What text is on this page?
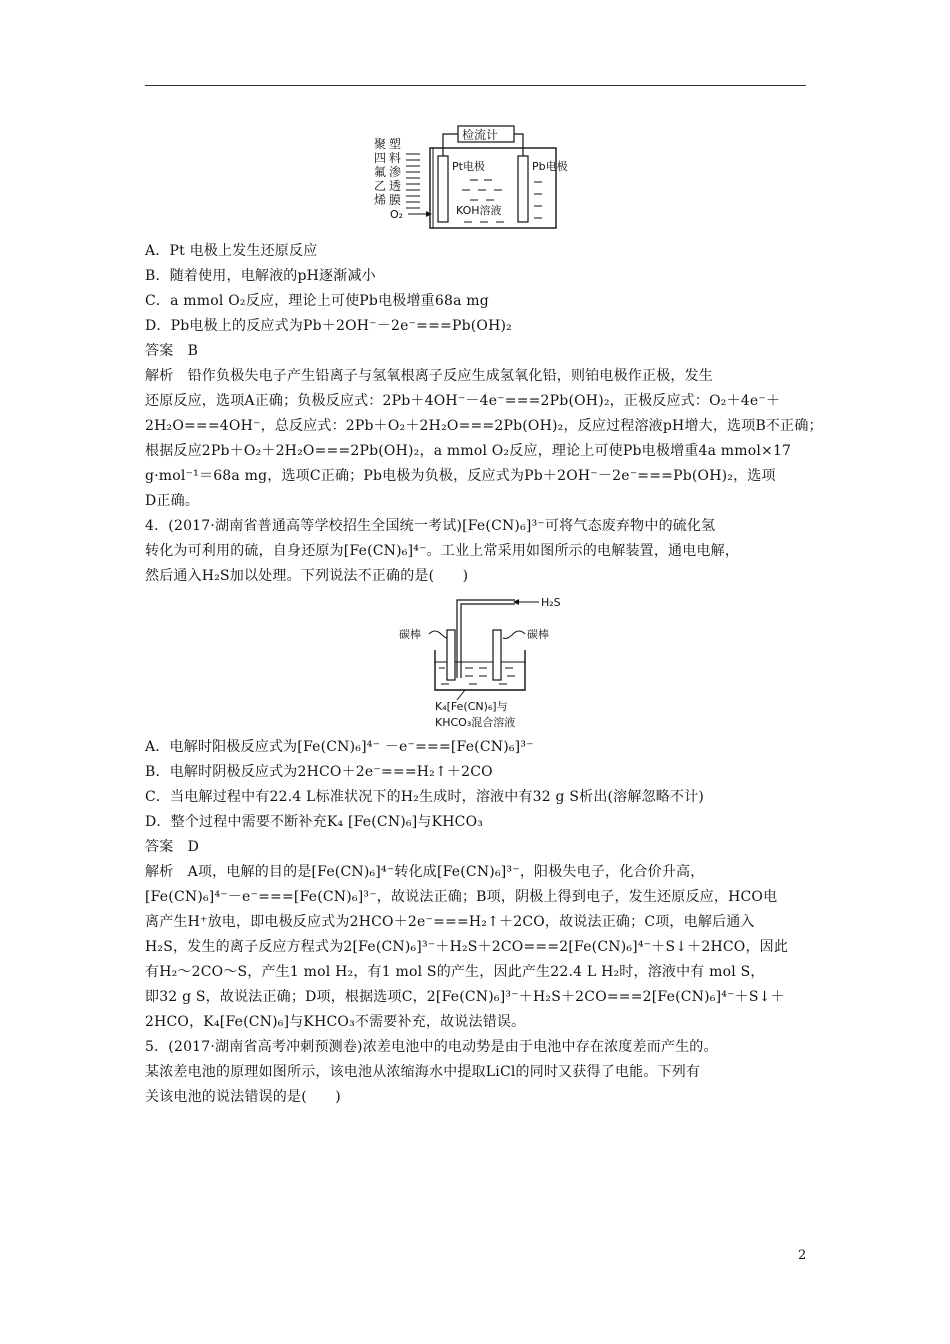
聚
四
氟
乙
烯
塑
料
渗
透
膜
O₂
检流计
Pt电极	Pb电极
KOH溶液
A．Pt 电极上发生还原反应
B．随着使用，电解液的pH逐渐减小
C．a mmol O₂反应，理论上可使Pb电极增重68a mg
D．Pb电极上的反应式为Pb＋2OH⁻－2e⁻===Pb(OH)₂
答案　B
解析　铅作负极失电子产生铅离子与氢氧根离子反应生成氢氧化铅，则铂电极作正极，发生
还原反应，选项A正确；负极反应式：2Pb＋4OH⁻－4e⁻===2Pb(OH)₂，正极反应式：O₂＋4e⁻＋
2H₂O===4OH⁻，总反应式：2Pb＋O₂＋2H₂O===2Pb(OH)₂，反应过程溶液pH增大，选项B不正确；
根据反应2Pb＋O₂＋2H₂O===2Pb(OH)₂，a mmol O₂反应，理论上可使Pb电极增重4a mmol×17
g·mol⁻¹＝68a mg，选项C正确；Pb电极为负极，反应式为Pb＋2OH⁻－2e⁻===Pb(OH)₂，选项
D正确。
4．(2017·湖南省普通高等学校招生全国统一考试)[Fe(CN)₆]³⁻可将气态废弃物中的硫化氢
转化为可利用的硫，自身还原为[Fe(CN)₆]⁴⁻。工业上常采用如图所示的电解装置，通电电解，
然后通入H₂S加以处理。下列说法不正确的是(　　)
H₂S
碳棒	碳棒
K₄[Fe(CN)₆]与
KHCO₃混合溶液
A．电解时阳极反应式为[Fe(CN)₆]⁴⁻ －e⁻===[Fe(CN)₆]³⁻
B．电解时阴极反应式为2HCO＋2e⁻===H₂↑＋2CO
C．当电解过程中有22.4 L标准状况下的H₂生成时，溶液中有32 g S析出(溶解忽略不计)
D．整个过程中需要不断补充K₄ [Fe(CN)₆]与KHCO₃
答案　D
解析　A项，电解的目的是[Fe(CN)₆]⁴⁻转化成[Fe(CN)₆]³⁻，阳极失电子，化合价升高，
[Fe(CN)₆]⁴⁻－e⁻===[Fe(CN)₆]³⁻，故说法正确；B项，阴极上得到电子，发生还原反应，HCO电
离产生H⁺放电，即电极反应式为2HCO＋2e⁻===H₂↑＋2CO，故说法正确；C项，电解后通入
H₂S，发生的离子反应方程式为2[Fe(CN)₆]³⁻＋H₂S＋2CO===2[Fe(CN)₆]⁴⁻＋S↓＋2HCO，因此
有H₂～2CO～S，产生1 mol H₂，有1 mol S的产生，因此产生22.4 L H₂时，溶液中有 mol S，
即32 g S，故说法正确；D项，根据选项C，2[Fe(CN)₆]³⁻＋H₂S＋2CO===2[Fe(CN)₆]⁴⁻＋S↓＋
2HCO，K₄[Fe(CN)₆]与KHCO₃不需要补充，故说法错误。
5．(2017·湖南省高考冲刺预测卷)浓差电池中的电动势是由于电池中存在浓度差而产生的。
某浓差电池的原理如图所示，该电池从浓缩海水中提取LiCl的同时又获得了电能。下列有
关该电池的说法错误的是(　　)
2
